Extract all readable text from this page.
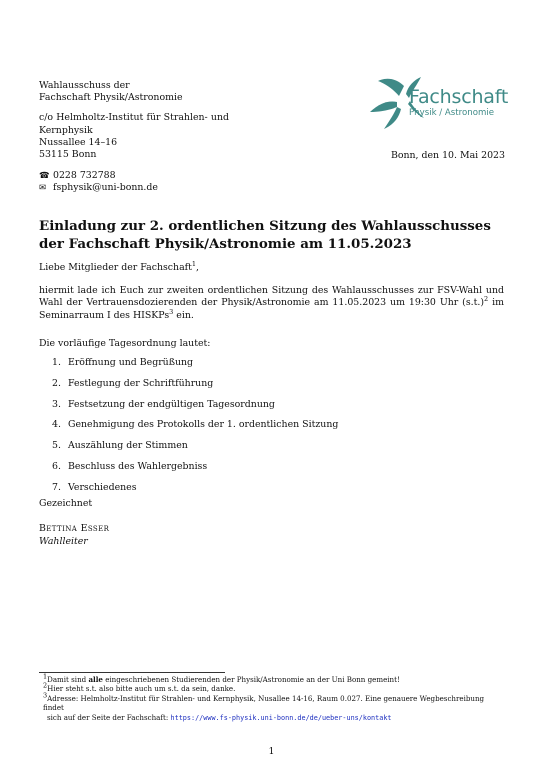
Wahlausschuss der
Fachschaft Physik/Astronomie
c/o Helmholtz-Institut für Strahlen- und Kernphysik
Nussallee 14–16
53115 Bonn
☎ 0228 732788
✉ fsphysik@uni-bonn.de
Fachschaft
Physik / Astronomie
Bonn, den 10. Mai 2023
Einladung zur 2. ordentlichen Sitzung des Wahlausschusses der Fachschaft Physik/Astronomie am 11.05.2023
Liebe Mitglieder der Fachschaft$^1$,
hiermit lade ich Euch zur zweiten ordentlichen Sitzung des Wahlausschusses zur FSV-Wahl und Wahl der Vertrauensdozierenden der Physik/Astronomie am 11.05.2023 um 19:30 Uhr $(s.t.)^2$ im Seminarraum I des HISKPs$^3$ ein.
Die vorläufige Tagesordnung lautet:
1. Eröffnung und Begrüßung
2. Festlegung der Schriftführung
3. Festsetzung der endgültigen Tagesordnung
4. Genehmigung des Protokolls der 1. ordentlichen Sitzung
5. Auszählung der Stimmen
6. Beschluss des Wahlergebniss
7. Verschiedenes
Gezeichnet
Bettina Esser
Wahlleiter
$^1$Damit sind alle eingeschriebenen Studierenden der Physik/Astronomie an der Uni Bonn gemeint!
$^2$Hier steht s.t. also bitte auch um s.t. da sein, danke.
$^3$Adresse: Helmholtz-Institut für Strahlen- und Kernphysik, Nusallee 14-16, Raum 0.027. Eine genauere Wegbeschreibung findet
sich auf der Seite der Fachschaft: https://www.fs-physik.uni-bonn.de/de/ueber-uns/kontakt
1
